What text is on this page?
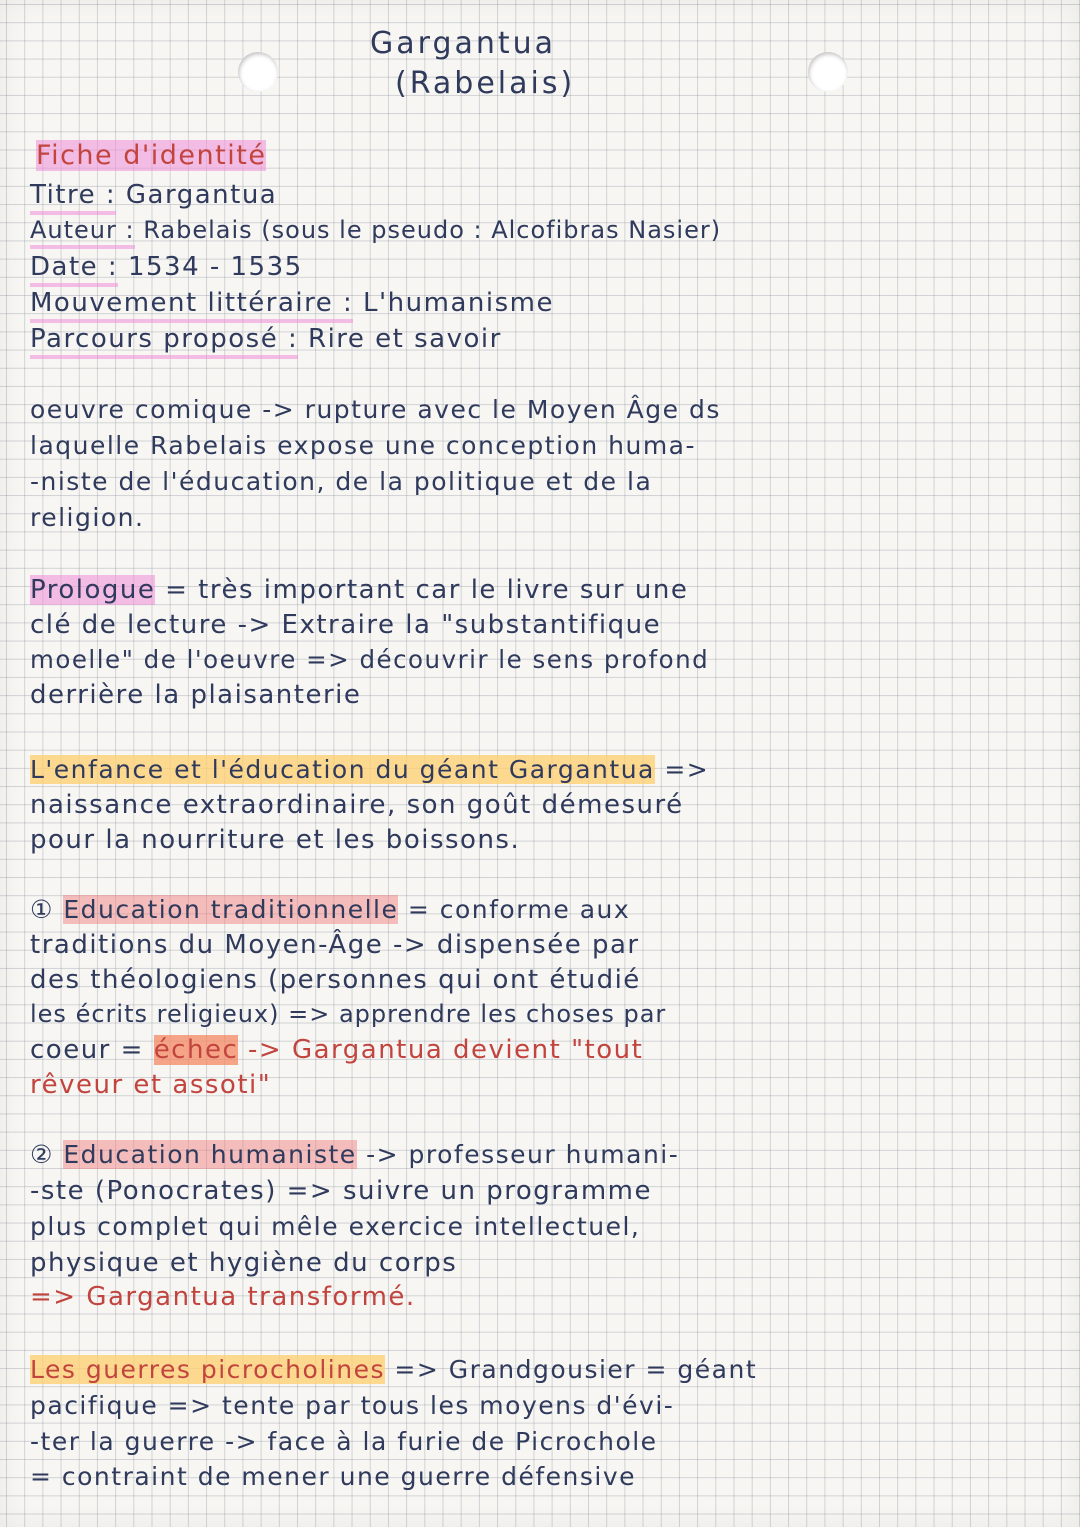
Gargantua
(Rabelais)
Fiche d'identité
Titre : Gargantua
Auteur : Rabelais (sous le pseudo : Alcofibras Nasier)
Date : 1534 - 1535
Mouvement littéraire : L'humanisme
Parcours proposé : Rire et savoir
oeuvre comique -> rupture avec le Moyen Âge ds
laquelle Rabelais expose une conception huma-
-niste de l'éducation, de la politique et de la
religion.
Prologue = très important car le livre sur une
clé de lecture -> Extraire la "substantifique
moelle" de l'oeuvre => découvrir le sens profond
derrière la plaisanterie
L'enfance et l'éducation du géant Gargantua =>
naissance extraordinaire, son goût démesuré
pour la nourriture et les boissons.
① Education traditionnelle = conforme aux
traditions du Moyen-Âge -> dispensée par
des théologiens (personnes qui ont étudié
les écrits religieux) => apprendre les choses par
coeur = échec -> Gargantua devient "tout
rêveur et assoti"
② Education humaniste -> professeur humani-
-ste (Ponocrates) => suivre un programme
plus complet qui mêle exercice intellectuel,
physique et hygiène du corps
=> Gargantua transformé.
Les guerres picrocholines => Grandgousier = géant
pacifique => tente par tous les moyens d'évi-
-ter la guerre -> face à la furie de Picrochole
= contraint de mener une guerre défensive
